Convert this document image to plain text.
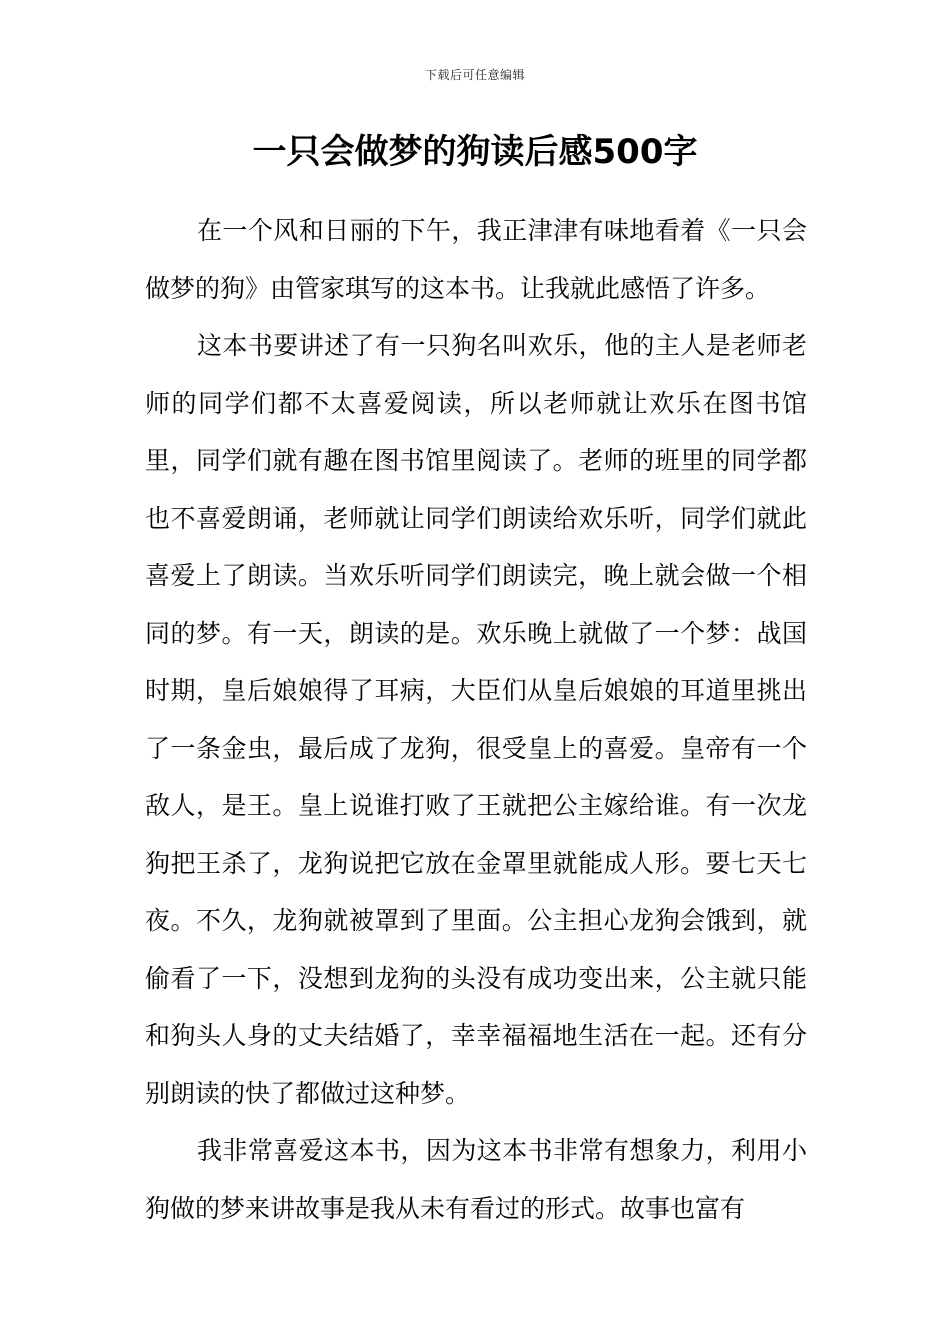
下载后可任意编辑
一只会做梦的狗读后感500字

在一个风和日丽的下午，我正津津有味地看着《一只会做梦的狗》由管家琪写的这本书。让我就此感悟了许多。

这本书要讲述了有一只狗名叫欢乐，他的主人是老师老师的同学们都不太喜爱阅读，所以老师就让欢乐在图书馆里，同学们就有趣在图书馆里阅读了。老师的班里的同学都也不喜爱朗诵，老师就让同学们朗读给欢乐听，同学们就此喜爱上了朗读。当欢乐听同学们朗读完，晚上就会做一个相同的梦。有一天，朗读的是。欢乐晚上就做了一个梦：战国时期，皇后娘娘得了耳病，大臣们从皇后娘娘的耳道里挑出了一条金虫，最后成了龙狗，很受皇上的喜爱。皇帝有一个敌人，是王。皇上说谁打败了王就把公主嫁给谁。有一次龙狗把王杀了，龙狗说把它放在金罩里就能成人形。要七天七夜。不久，龙狗就被罩到了里面。公主担心龙狗会饿到，就偷看了一下，没想到龙狗的头没有成功变出来，公主就只能和狗头人身的丈夫结婚了，幸幸福福地生活在一起。还有分别朗读的快了都做过这种梦。

我非常喜爱这本书，因为这本书非常有想象力，利用小狗做的梦来讲故事是我从未有看过的形式。故事也富有
